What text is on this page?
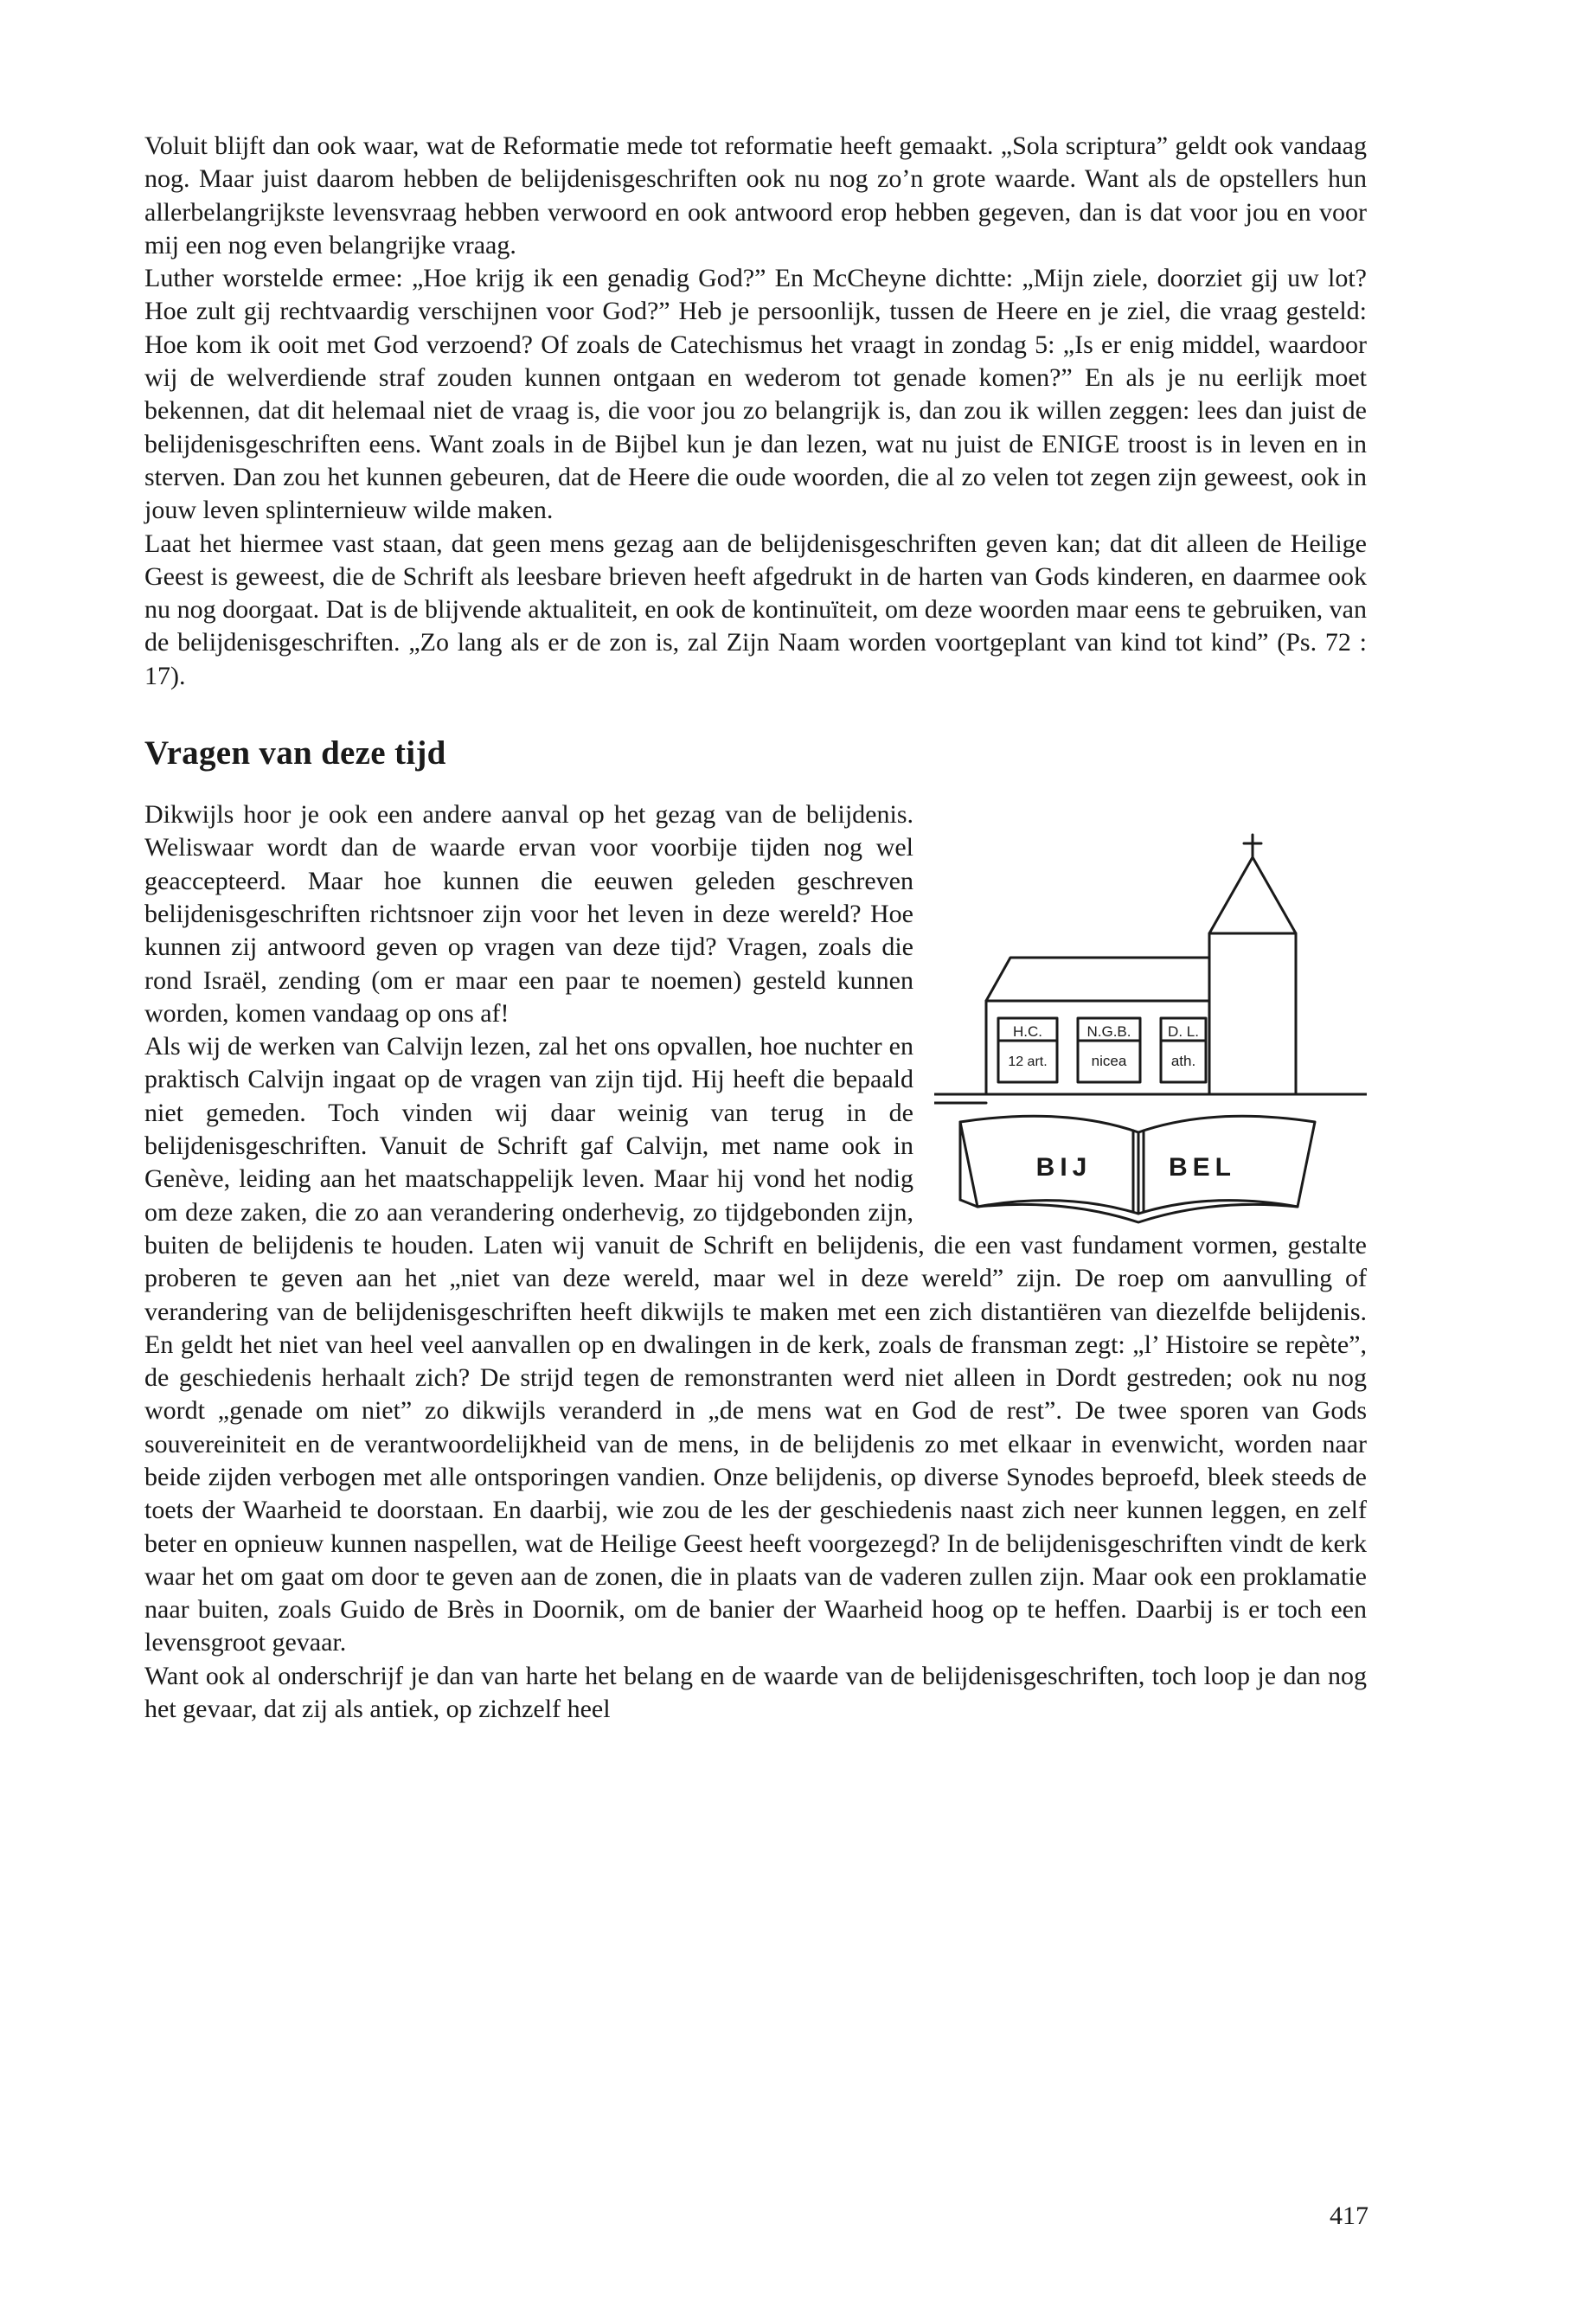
Voluit blijft dan ook waar, wat de Reformatie mede tot reformatie heeft gemaakt. „Sola scriptura” geldt ook vandaag nog. Maar juist daarom hebben de belijdenisgeschriften ook nu nog zo’n grote waarde. Want als de opstellers hun allerbelangrijkste levensvraag hebben verwoord en ook antwoord erop hebben gegeven, dan is dat voor jou en voor mij een nog even belangrijke vraag.

Luther worstelde ermee: „Hoe krijg ik een genadig God?” En McCheyne dichtte: „Mijn ziele, doorziet gij uw lot? Hoe zult gij rechtvaardig verschijnen voor God?” Heb je persoonlijk, tussen de Heere en je ziel, die vraag gesteld: Hoe kom ik ooit met God verzoend? Of zoals de Catechismus het vraagt in zondag 5: „Is er enig middel, waardoor wij de welverdiende straf zouden kunnen ontgaan en wederom tot genade komen?” En als je nu eerlijk moet bekennen, dat dit helemaal niet de vraag is, die voor jou zo belangrijk is, dan zou ik willen zeggen: lees dan juist de belijdenisgeschriften eens. Want zoals in de Bijbel kun je dan lezen, wat nu juist de ENIGE troost is in leven en in sterven. Dan zou het kunnen gebeuren, dat de Heere die oude woorden, die al zo velen tot zegen zijn geweest, ook in jouw leven splinternieuw wilde maken.

Laat het hiermee vast staan, dat geen mens gezag aan de belijdenisgeschriften geven kan; dat dit alleen de Heilige Geest is geweest, die de Schrift als leesbare brieven heeft afgedrukt in de harten van Gods kinderen, en daarmee ook nu nog doorgaat. Dat is de blijvende aktualiteit, en ook de kontinuïteit, om deze woorden maar eens te gebruiken, van de belijdenisgeschriften. „Zo lang als er de zon is, zal Zijn Naam worden voortgeplant van kind tot kind” (Ps. 72 : 17).

Vragen van deze tijd
H.C.
12 art.
N.G.B.
nicea
D. L.
ath.
BIJ	BEL

Dikwijls hoor je ook een andere aanval op het gezag van de belijdenis. Weliswaar wordt dan de waarde ervan voor voorbije tijden nog wel geaccepteerd. Maar hoe kunnen die eeuwen geleden geschreven belijdenisgeschriften richtsnoer zijn voor het leven in deze wereld? Hoe kunnen zij antwoord geven op vragen van deze tijd? Vragen, zoals die rond Israël, zending (om er maar een paar te noemen) gesteld kunnen worden, komen vandaag op ons af!

Als wij de werken van Calvijn lezen, zal het ons opvallen, hoe nuchter en praktisch Calvijn ingaat op de vragen van zijn tijd. Hij heeft die bepaald niet gemeden. Toch vinden wij daar weinig van terug in de belijdenisgeschriften. Vanuit de Schrift gaf Calvijn, met name ook in Genève, leiding aan het maatschappelijk leven. Maar hij vond het nodig om deze zaken, die zo aan verandering onderhevig, zo tijdgebonden zijn, buiten de belijdenis te houden. Laten wij vanuit de Schrift en belijdenis, die een vast fundament vormen, gestalte proberen te geven aan het „niet van deze wereld, maar wel in deze wereld” zijn. De roep om aanvulling of verandering van de belijdenisgeschriften heeft dikwijls te maken met een zich distantiëren van diezelfde belijdenis. En geldt het niet van heel veel aanvallen op en dwalingen in de kerk, zoals de fransman zegt: „l’ Histoire se repète”, de geschiedenis herhaalt zich? De strijd tegen de remonstranten werd niet alleen in Dordt gestreden; ook nu nog wordt „genade om niet” zo dikwijls veranderd in „de mens wat en God de rest”. De twee sporen van Gods souvereiniteit en de verantwoordelijkheid van de mens, in de belijdenis zo met elkaar in evenwicht, worden naar beide zijden verbogen met alle ontsporingen vandien. Onze belijdenis, op diverse Synodes beproefd, bleek steeds de toets der Waarheid te doorstaan. En daarbij, wie zou de les der geschiedenis naast zich neer kunnen leggen, en zelf beter en opnieuw kunnen naspellen, wat de Heilige Geest heeft voorgezegd? In de belijdenisgeschriften vindt de kerk waar het om gaat om door te geven aan de zonen, die in plaats van de vaderen zullen zijn. Maar ook een proklamatie naar buiten, zoals Guido de Brès in Doornik, om de banier der Waarheid hoog op te heffen. Daarbij is er toch een levensgroot gevaar.

Want ook al onderschrijf je dan van harte het belang en de waarde van de belijdenisgeschriften, toch loop je dan nog het gevaar, dat zij als antiek, op zichzelf heel

417
